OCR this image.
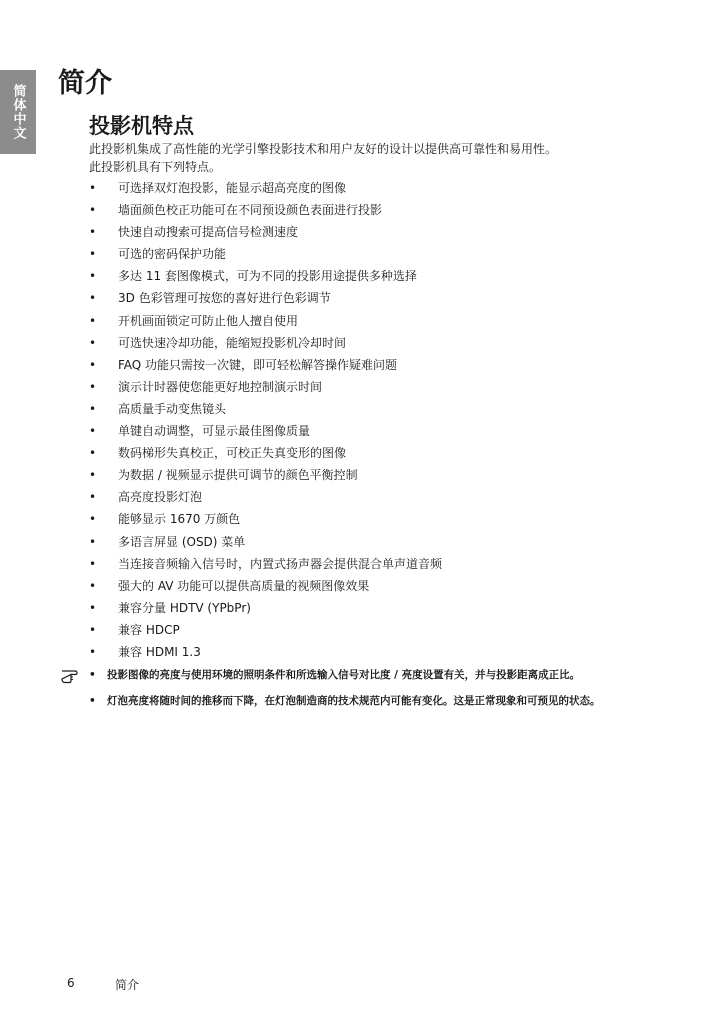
简体中文
简介
投影机特点

此投影机集成了高性能的光学引擎投影技术和用户友好的设计以提供高可靠性和易用性。

此投影机具有下列特点。

• 可选择双灯泡投影，能显示超高亮度的图像
• 墙面颜色校正功能可在不同预设颜色表面进行投影
• 快速自动搜索可提高信号检测速度
• 可选的密码保护功能
• 多达 11 套图像模式，可为不同的投影用途提供多种选择
• 3D 色彩管理可按您的喜好进行色彩调节
• 开机画面锁定可防止他人擅自使用
• 可选快速冷却功能，能缩短投影机冷却时间
• FAQ 功能只需按一次键，即可轻松解答操作疑难问题
• 演示计时器使您能更好地控制演示时间
• 高质量手动变焦镜头
• 单键自动调整，可显示最佳图像质量
• 数码梯形失真校正，可校正失真变形的图像
• 为数据 / 视频显示提供可调节的颜色平衡控制
• 高亮度投影灯泡
• 能够显示 1670 万颜色
• 多语言屏显 (OSD) 菜单
• 当连接音频输入信号时，内置式扬声器会提供混合单声道音频
• 强大的 AV 功能可以提供高质量的视频图像效果
• 兼容分量 HDTV (YPbPr)
• 兼容 HDCP
• 兼容 HDMI 1.3
•	投影图像的亮度与使用环境的照明条件和所选输入信号对比度 / 亮度设置有关，并与投影距离成正比。
•	灯泡亮度将随时间的推移而下降，在灯泡制造商的技术规范内可能有变化。这是正常现象和可预见的状态。
6	简介
